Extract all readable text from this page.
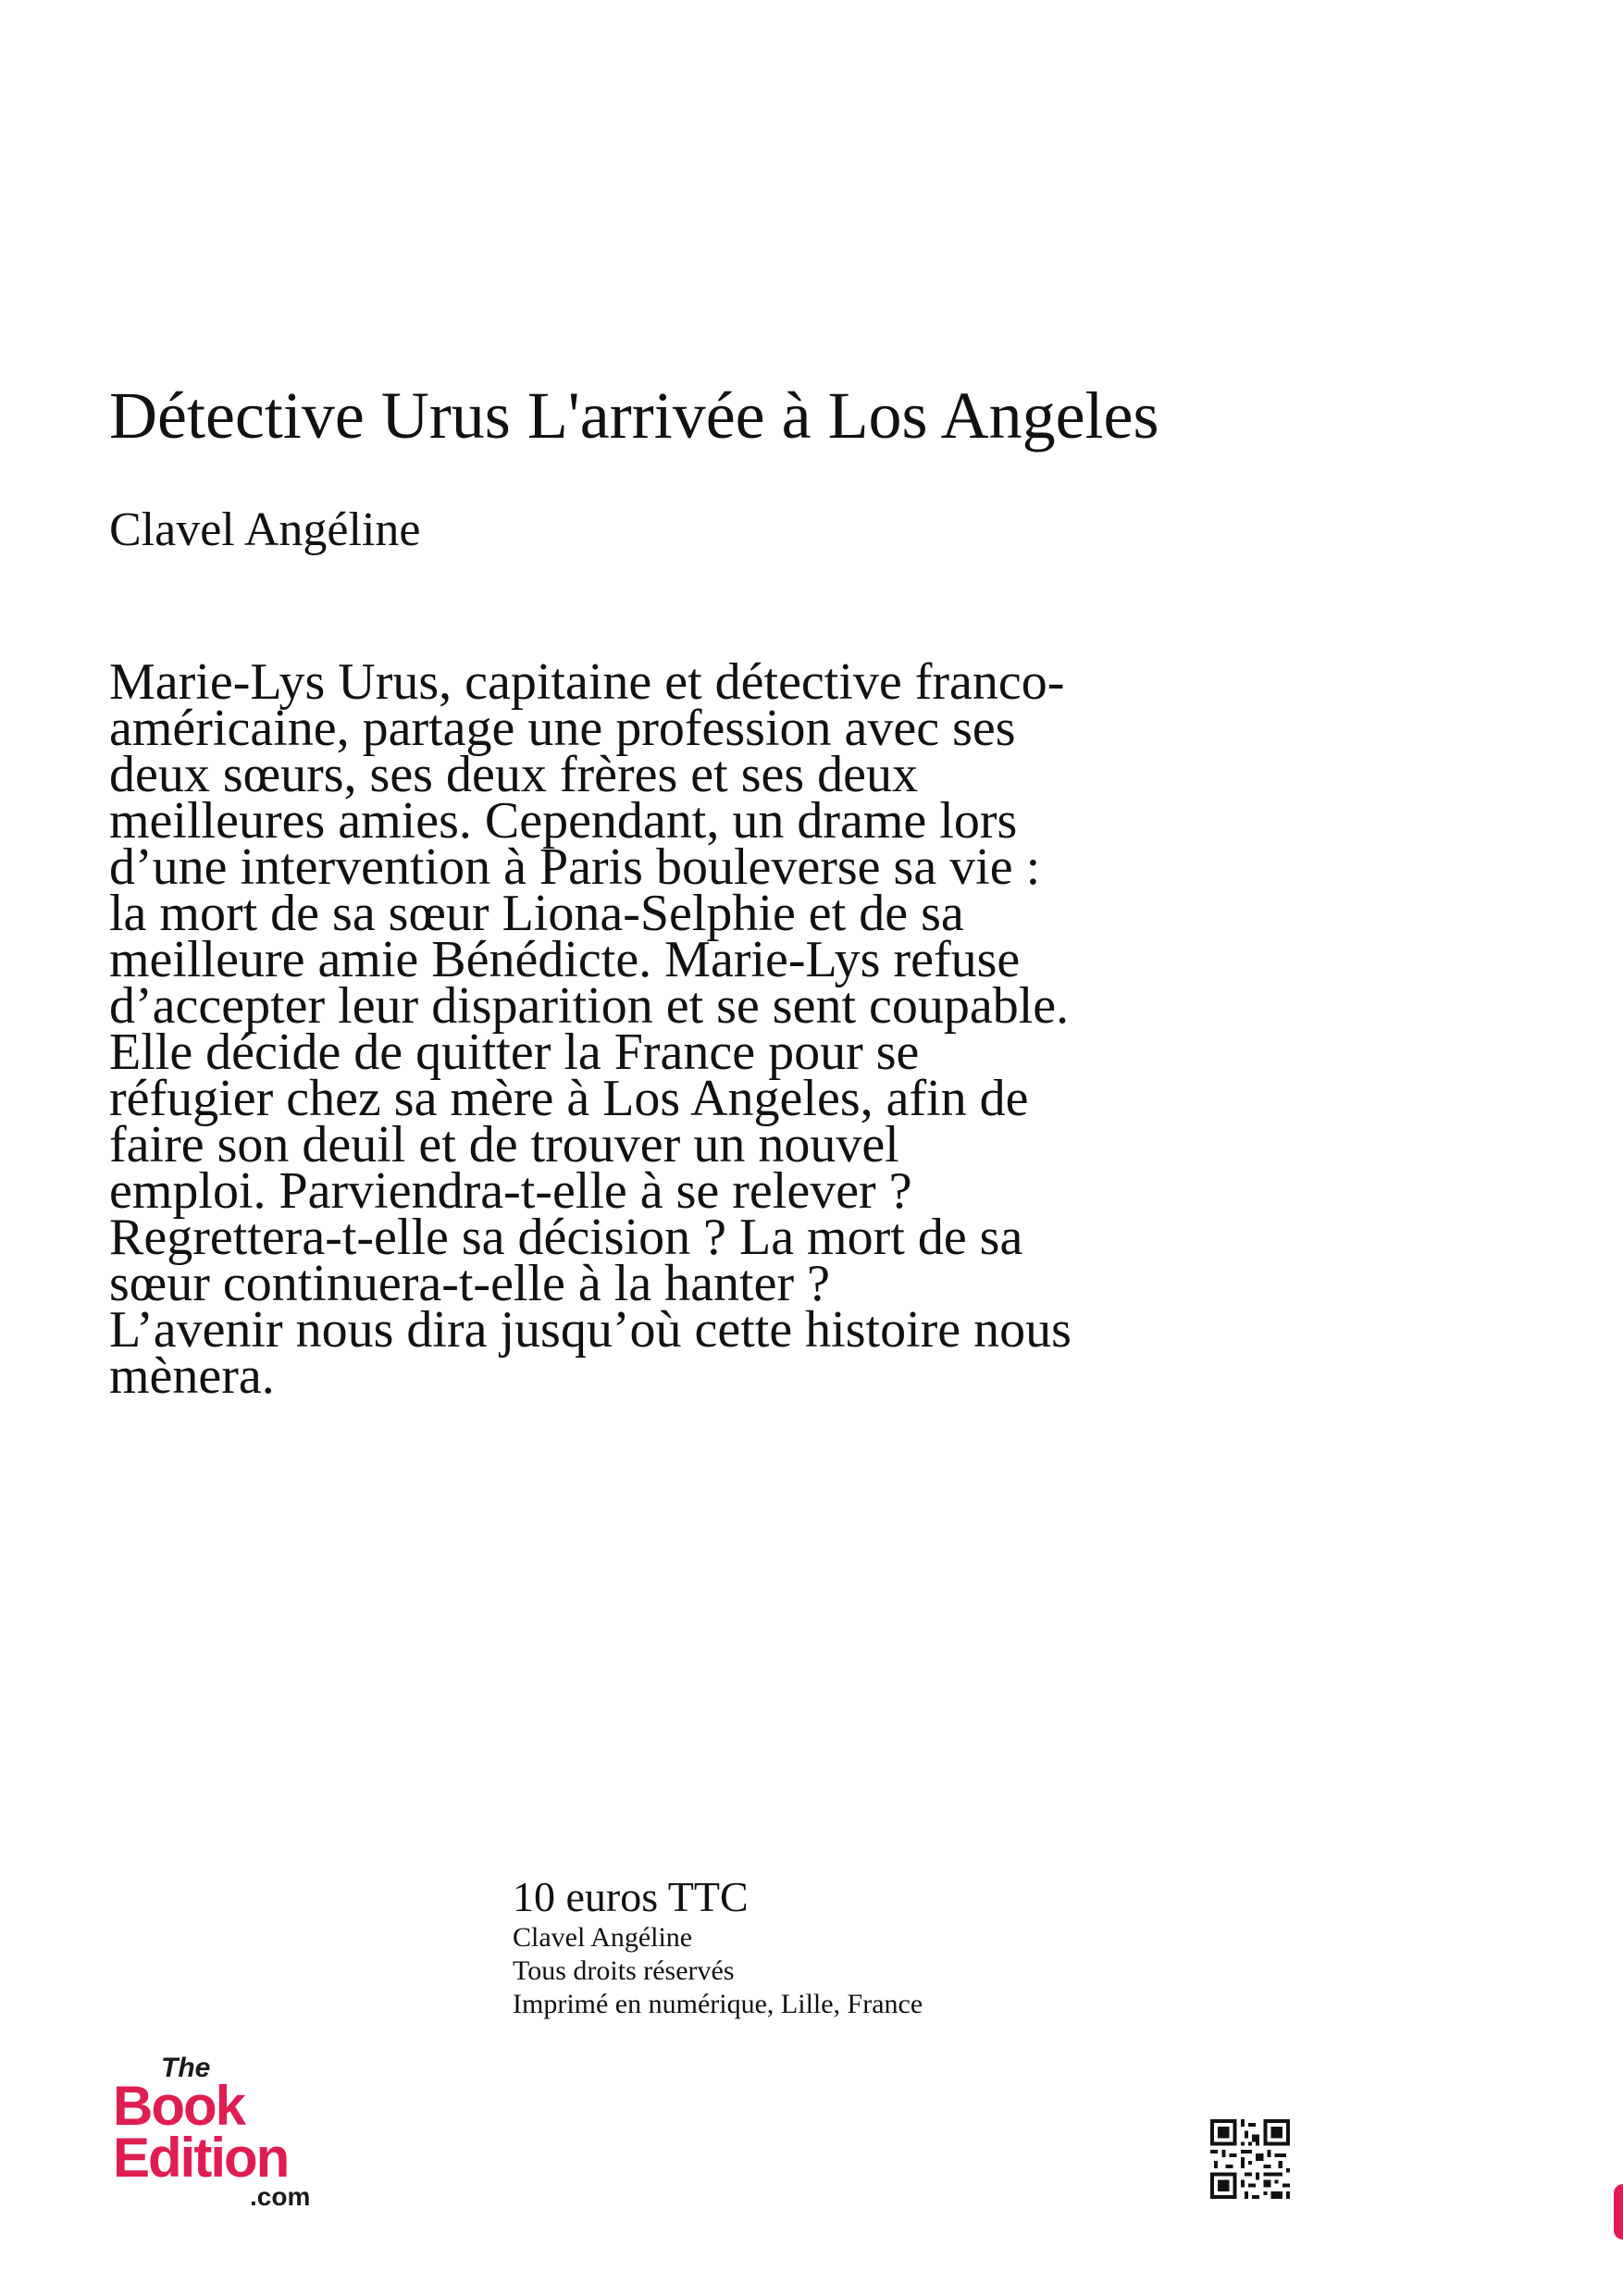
Détective Urus L'arrivée à Los Angeles
Clavel Angéline
Marie-Lys Urus, capitaine et détective franco-
américaine, partage une profession avec ses
deux sœurs, ses deux frères et ses deux
meilleures amies. Cependant, un drame lors
d’une intervention à Paris bouleverse sa vie :
la mort de sa sœur Liona-Selphie et de sa
meilleure amie Bénédicte. Marie-Lys refuse
d’accepter leur disparition et se sent coupable.
Elle décide de quitter la France pour se
réfugier chez sa mère à Los Angeles, afin de
faire son deuil et de trouver un nouvel
emploi. Parviendra-t-elle à se relever ?
Regrettera-t-elle sa décision ? La mort de sa
sœur continuera-t-elle à la hanter ?
L’avenir nous dira jusqu’où cette histoire nous
mènera.
10 euros TTC
Clavel Angéline
Tous droits réservés
Imprimé en numérique, Lille, France
The
Book
Edition
.com
